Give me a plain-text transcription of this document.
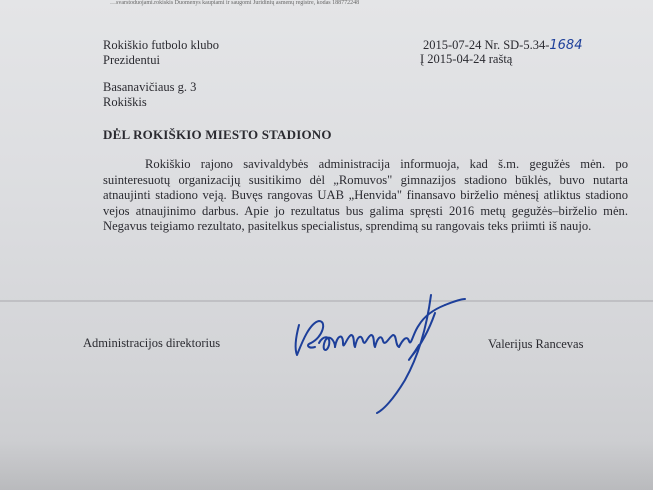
…svarstoduojami.rokiskis Duomenys kaupiami ir saugomi Juridinių asmenų registre, kodas 188772248
Rokiškio futbolo klubo
Prezidentui
Basanavičiaus g. 3
Rokiškis
2015-07-24 Nr. SD-5.34-1684
Į 2015-04-24 raštą
DĖL ROKIŠKIO MIESTO STADIONO
Rokiškio rajono savivaldybės administracija informuoja, kad š.m. gegužės mėn. po suinteresuotų organizacijų susitikimo dėl „Romuvos" gimnazijos stadiono būklės, buvo nutarta atnaujinti stadiono veją. Buvęs rangovas UAB „Henvida" finansavo birželio mėnesį atliktus stadiono vejos atnaujinimo darbus. Apie jo rezultatus bus galima spręsti 2016 metų gegužės–birželio mėn. Negavus teigiamo rezultato, pasitelkus specialistus, sprendimą su rangovais teks priimti iš naujo.
Administracijos direktorius	Valerijus Rancevas
